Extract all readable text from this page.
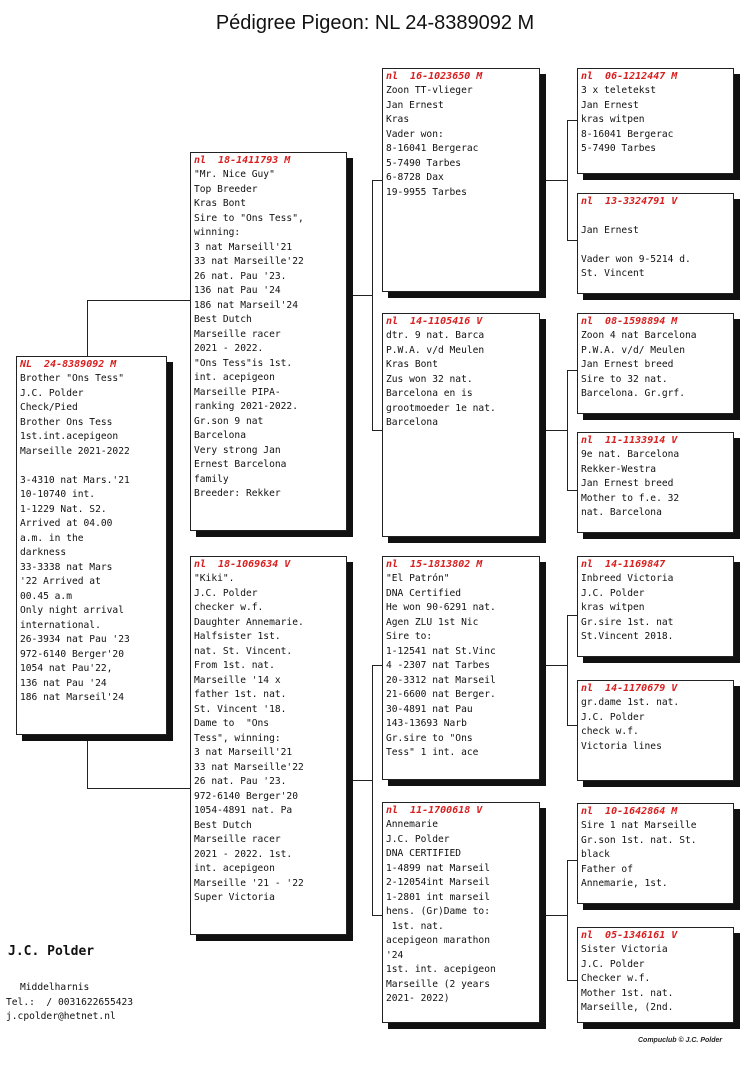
Pédigree Pigeon: NL 24-8389092 M
NL 24-8389092 M
Brother "Ons Tess"
J.C. Polder
Check/Pied
Brother Ons Tess
1st.int.acepigeon
Marseille 2021-2022
3-4310 nat Mars.'21
10-10740 int.
1-1229 Nat. S2.
Arrived at 04.00
a.m. in the
darkness
33-3338 nat Mars
'22 Arrived at
00.45 a.m
Only night arrival
international.
26-3934 nat Pau '23
972-6140 Berger'20
1054 nat Pau'22,
136 nat Pau '24
186 nat Marseil'24
nl 18-1411793 M
"Mr. Nice Guy"
Top Breeder
Kras Bont
Sire to "Ons Tess",
winning:
3 nat Marseill'21
33 nat Marseille'22
26 nat. Pau '23.
136 nat Pau '24
186 nat Marseil'24
Best Dutch
Marseille racer
2021 - 2022.
"Ons Tess"is 1st.
int. acepigeon
Marseille PIPA-
ranking 2021-2022.
Gr.son 9 nat
Barcelona
Very strong Jan
Ernest Barcelona
family
Breeder: Rekker
nl 18-1069634 V
"Kiki".
J.C. Polder
checker w.f.
Daughter Annemarie.
Halfsister 1st.
nat. St. Vincent.
From 1st. nat.
Marseille '14 x
father 1st. nat.
St. Vincent '18.
Dame to  "Ons
Tess", winning:
3 nat Marseill'21
33 nat Marseille'22
26 nat. Pau '23.
972-6140 Berger'20
1054-4891 nat. Pa
Best Dutch
Marseille racer
2021 - 2022. 1st.
int. acepigeon
Marseille '21 - '22
Super Victoria
nl 16-1023650 M
Zoon TT-vlieger
Jan Ernest
Kras
Vader won:
8-16041 Bergerac
5-7490 Tarbes
6-8728 Dax
19-9955 Tarbes
nl 14-1105416 V
dtr. 9 nat. Barca
P.W.A. v/d Meulen
Kras Bont
Zus won 32 nat.
Barcelona en is
grootmoeder 1e nat.
Barcelona
nl 15-1813802 M
"El Patrón"
DNA Certified
He won 90-6291 nat.
Agen ZLU 1st Nic
Sire to:
1-12541 nat St.Vinc
4 -2307 nat Tarbes
20-3312 nat Marseil
21-6600 nat Berger.
30-4891 nat Pau
143-13693 Narb
Gr.sire to "Ons
Tess" 1 int. ace
nl 11-1700618 V
Annemarie
J.C. Polder
DNA CERTIFIED
1-4899 nat Marseil
2-12054int Marseil
1-2801 int marseil
hens. (Gr)Dame to:
1st. nat.
acepigeon marathon
'24
1st. int. acepigeon
Marseille (2 years
2021- 2022)
nl 06-1212447 M
3 x teletekst
Jan Ernest
kras witpen
8-16041 Bergerac
5-7490 Tarbes
nl 13-3324791 V
Jan Ernest
Vader won 9-5214 d.
St. Vincent
nl 08-1598894 M
Zoon 4 nat Barcelona
P.W.A. v/d/ Meulen
Jan Ernest breed
Sire to 32 nat.
Barcelona. Gr.grf.
nl 11-1133914 V
9e nat. Barcelona
Rekker-Westra
Jan Ernest breed
Mother to f.e. 32
nat. Barcelona
nl 14-1169847
Inbreed Victoria
J.C. Polder
kras witpen
Gr.sire 1st. nat
St.Vincent 2018.
nl 14-1170679 V
gr.dame 1st. nat.
J.C. Polder
check w.f.
Victoria lines
nl 10-1642864 M
Sire 1 nat Marseille
Gr.son 1st. nat. St.
black
Father of
Annemarie, 1st.
nl 05-1346161 V
Sister Victoria
J.C. Polder
Checker w.f.
Mother 1st. nat.
Marseille, (2nd.
J.C. Polder
Middelharnis
Tel.:  / 0031622655423
j.cpolder@hetnet.nl
Compuclub © J.C. Polder
